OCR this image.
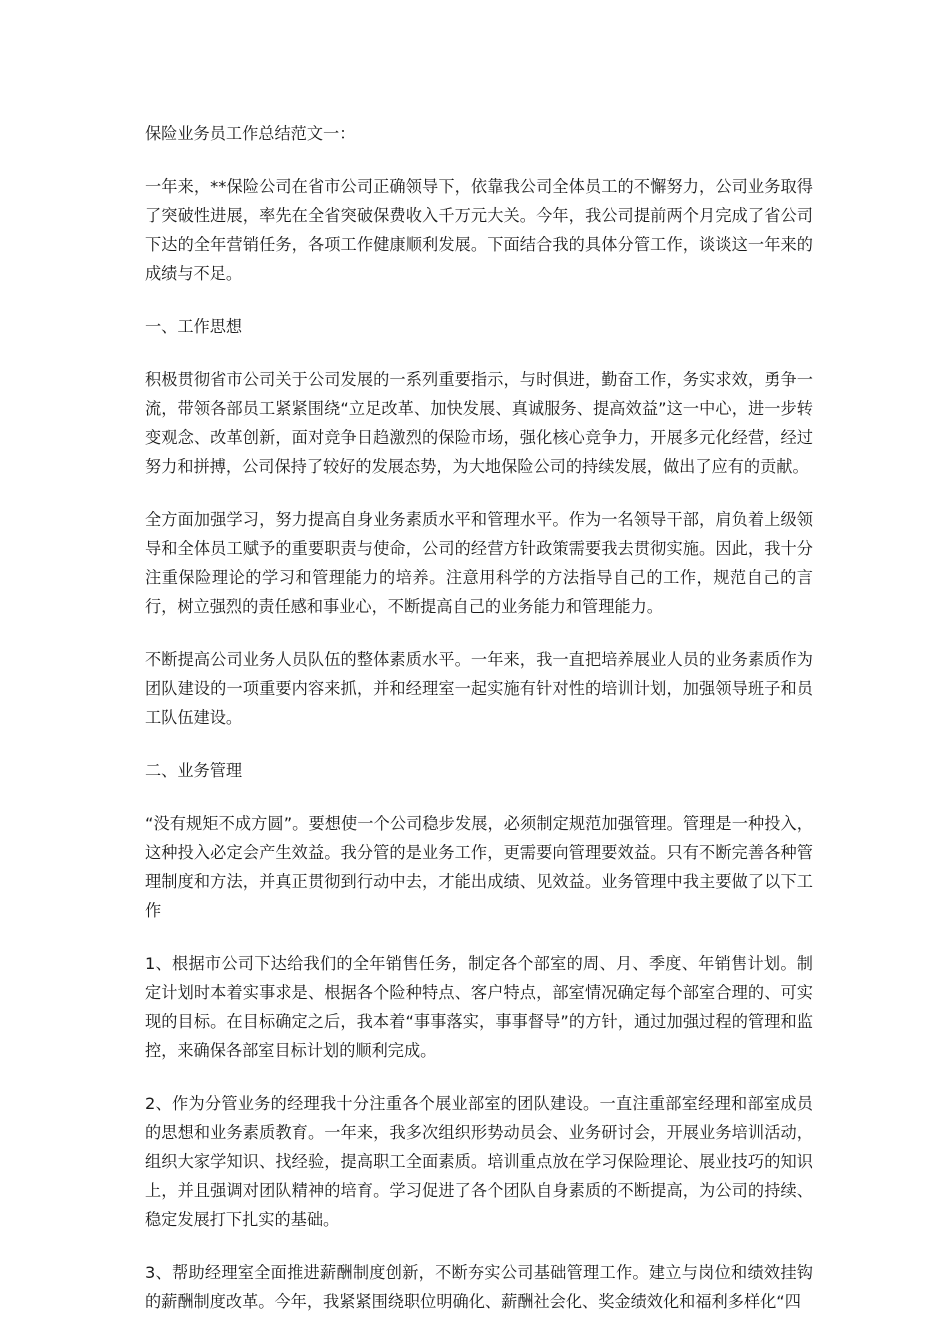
保险业务员工作总结范文一：

一年来，**保险公司在省市公司正确领导下，依靠我公司全体员工的不懈努力，公司业务取得了突破性进展，率先在全省突破保费收入千万元大关。今年，我公司提前两个月完成了省公司下达的全年营销任务，各项工作健康顺利发展。下面结合我的具体分管工作，谈谈这一年来的成绩与不足。

一、工作思想

积极贯彻省市公司关于公司发展的一系列重要指示，与时俱进，勤奋工作，务实求效，勇争一流，带领各部员工紧紧围绕“立足改革、加快发展、真诚服务、提高效益”这一中心，进一步转变观念、改革创新，面对竞争日趋激烈的保险市场，强化核心竞争力，开展多元化经营，经过努力和拼搏，公司保持了较好的发展态势，为大地保险公司的持续发展，做出了应有的贡献。

全方面加强学习，努力提高自身业务素质水平和管理水平。作为一名领导干部，肩负着上级领导和全体员工赋予的重要职责与使命，公司的经营方针政策需要我去贯彻实施。因此，我十分注重保险理论的学习和管理能力的培养。注意用科学的方法指导自己的工作，规范自己的言行，树立强烈的责任感和事业心，不断提高自己的业务能力和管理能力。

不断提高公司业务人员队伍的整体素质水平。一年来，我一直把培养展业人员的业务素质作为团队建设的一项重要内容来抓，并和经理室一起实施有针对性的培训计划，加强领导班子和员工队伍建设。

二、业务管理

“没有规矩不成方圆”。要想使一个公司稳步发展，必须制定规范加强管理。管理是一种投入，这种投入必定会产生效益。我分管的是业务工作，更需要向管理要效益。只有不断完善各种管理制度和方法，并真正贯彻到行动中去，才能出成绩、见效益。业务管理中我主要做了以下工作

1、根据市公司下达给我们的全年销售任务，制定各个部室的周、月、季度、年销售计划。制定计划时本着实事求是、根据各个险种特点、客户特点，部室情况确定每个部室合理的、可实现的目标。在目标确定之后，我本着“事事落实，事事督导”的方针，通过加强过程的管理和监控，来确保各部室目标计划的顺利完成。

2、作为分管业务的经理我十分注重各个展业部室的团队建设。一直注重部室经理和部室成员的思想和业务素质教育。一年来，我多次组织形势动员会、业务研讨会，开展业务培训活动，组织大家学知识、找经验，提高职工全面素质。培训重点放在学习保险理论、展业技巧的知识上，并且强调对团队精神的培育。学习促进了各个团队自身素质的不断提高，为公司的持续、稳定发展打下扎实的基础。

3、帮助经理室全面推进薪酬制度创新，不断夯实公司基础管理工作。建立与岗位和绩效挂钩的薪酬制度改革。今年，我紧紧围绕职位明确化、薪酬社会化、奖金绩效化和福利多样化“四
